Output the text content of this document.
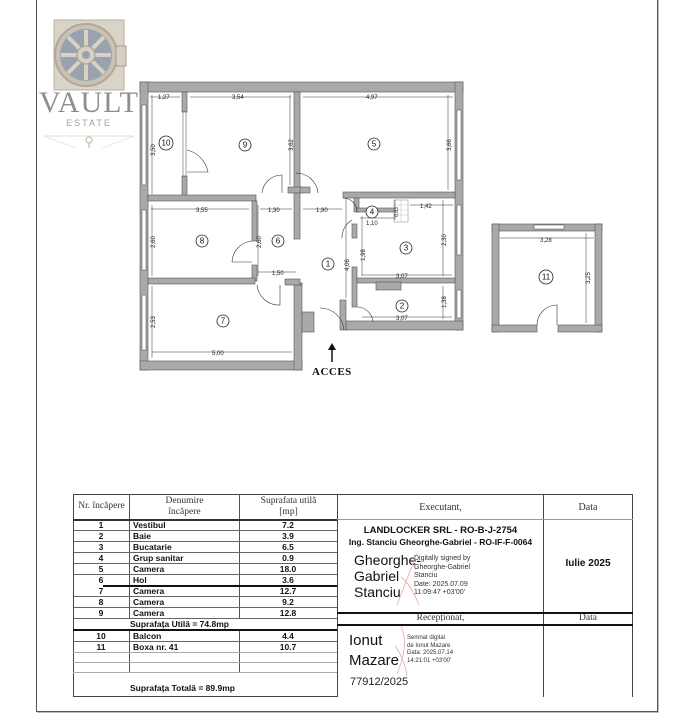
VAULT
ESTATE
1,27	3,54	4,97
3,55	1,30	1,80
1,10
1,42
3,07
1,50
3,07
5,00
3,28
3,50	3,62	3,66
2,60	2,60
1,98
2,30
4,06
1,38
2,53
0,83
3,25
1
2
3
4
5
6
7
8
9
10
11
ACCES
Nr. încăpere	Denumire
încăpere
Suprafata utilă
[mp]	Executant,	Data
1	Vestibul	7.2
2	Baie	3.9
3	Bucatarie	6.5
4	Grup sanitar	0.9
5	Camera	18.0
6	Hol	3.6
7	Camera	12.7
8	Camera	9.2
9	Camera	12.8
Suprafața Utilă = 74.8mp
10	Balcon	4.4
11	Boxa nr. 41	10.7
Suprafața Totală = 89.9mp
LANDLOCKER SRL - RO-B-J-2754
Ing. Stanciu Gheorghe-Gabriel - RO-IF-F-0064
Gheorghe-
Gabriel
Stanciu
Digitally signed by
Gheorghe-Gabriel
Stanciu
Date: 2025.07.09
11:09:47 +03'00'
Iulie 2025
Recepționat,	Data
Ionut
Mazare
Semnat digital
de Ionut Mazare
Data: 2025.07.14
14:21:01 +03'00'
77912/2025
